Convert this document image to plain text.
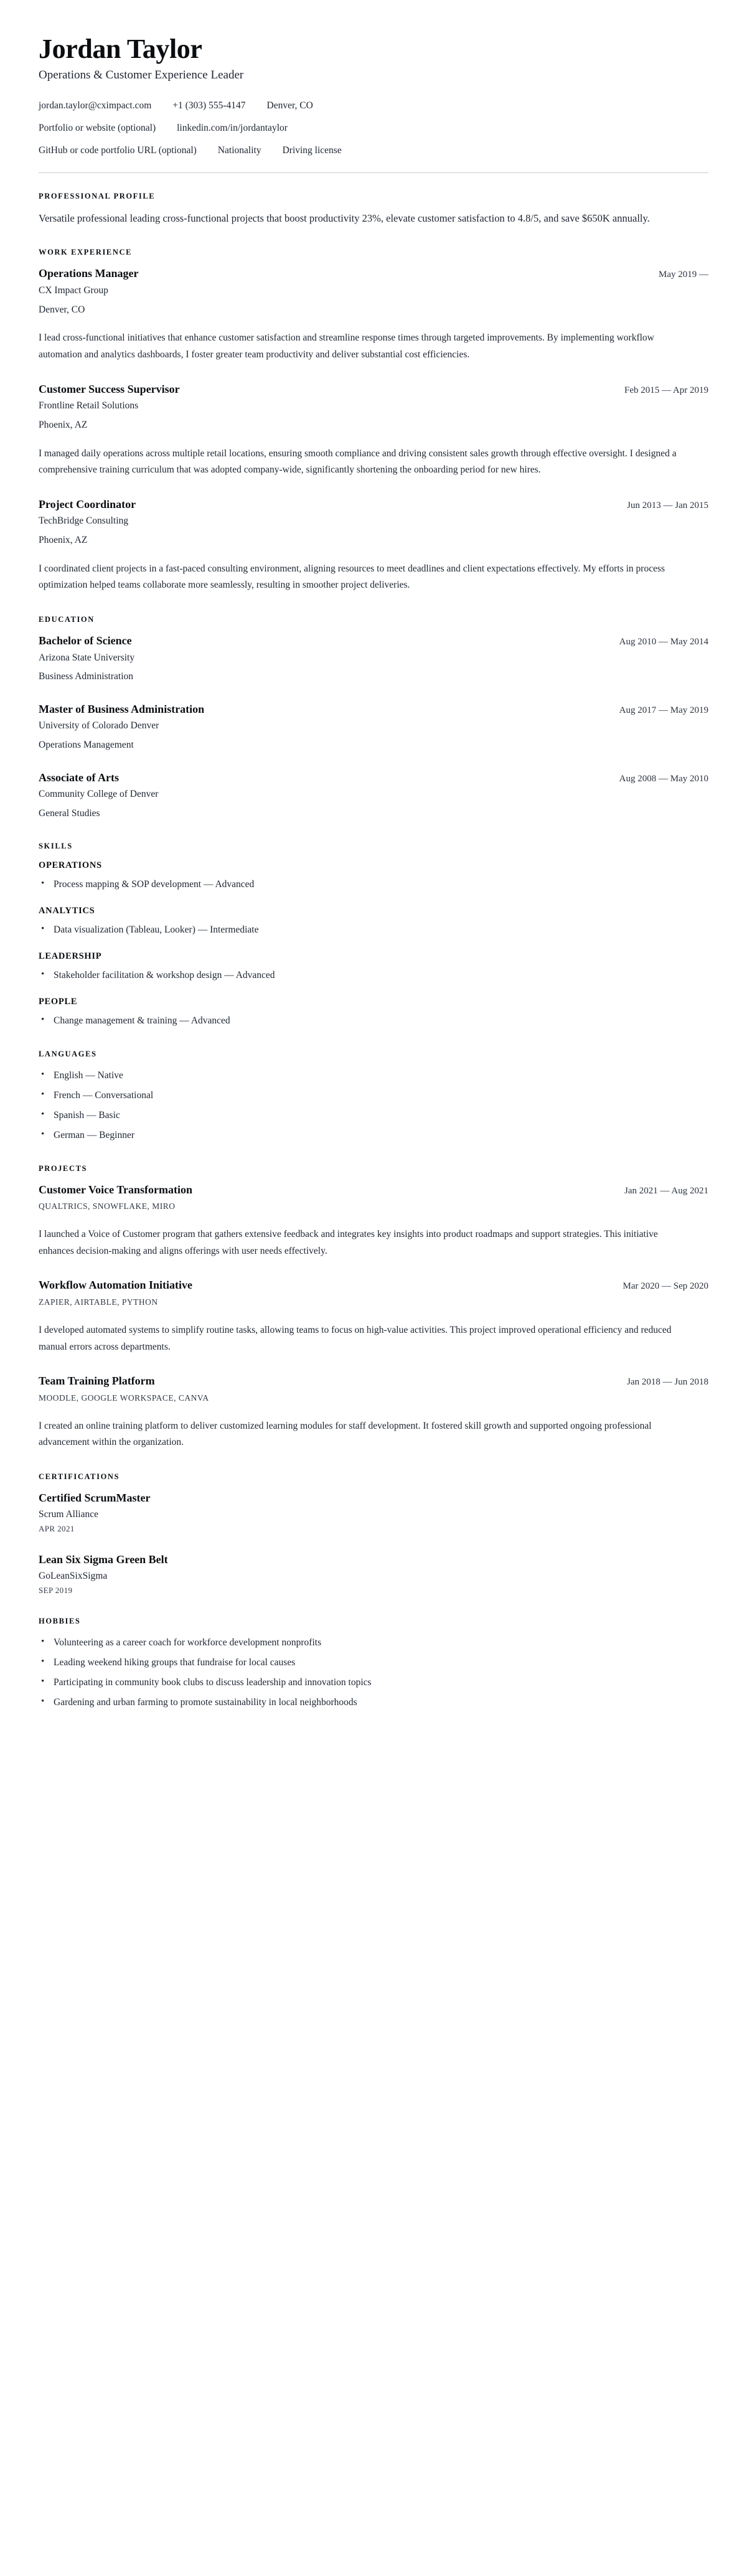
Jordan Taylor

Operations & Customer Experience Leader

jordan.taylor@cximpact.com +1 (303) 555-4147 Denver, CO
Portfolio or website (optional) linkedin.com/in/jordantaylor
GitHub or code portfolio URL (optional) Nationality Driving license
PROFESSIONAL PROFILE

Versatile professional leading cross-functional projects that boost productivity 23%, elevate customer satisfaction to 4.8/5, and save $650K annually.

WORK EXPERIENCE
Operations Manager	May 2019 —

CX Impact Group

Denver, CO

I lead cross-functional initiatives that enhance customer satisfaction and streamline response times through targeted improvements. By implementing workflow automation and analytics dashboards, I foster greater team productivity and deliver substantial cost efficiencies.

Customer Success Supervisor	Feb 2015 — Apr 2019

Frontline Retail Solutions

Phoenix, AZ

I managed daily operations across multiple retail locations, ensuring smooth compliance and driving consistent sales growth through effective oversight. I designed a comprehensive training curriculum that was adopted company-wide, significantly shortening the onboarding period for new hires.

Project Coordinator	Jun 2013 — Jan 2015

TechBridge Consulting

Phoenix, AZ

I coordinated client projects in a fast-paced consulting environment, aligning resources to meet deadlines and client expectations effectively. My efforts in process optimization helped teams collaborate more seamlessly, resulting in smoother project deliveries.

EDUCATION
Bachelor of Science	Aug 2010 — May 2014

Arizona State University

Business Administration

Master of Business Administration	Aug 2017 — May 2019

University of Colorado Denver

Operations Management

Associate of Arts	Aug 2008 — May 2010

Community College of Denver

General Studies

SKILLS
OPERATIONS
• Process mapping & SOP development — Advanced
ANALYTICS
• Data visualization (Tableau, Looker) — Intermediate
LEADERSHIP
• Stakeholder facilitation & workshop design — Advanced
PEOPLE
• Change management & training — Advanced
LANGUAGES
• English — Native
• French — Conversational
• Spanish — Basic
• German — Beginner
PROJECTS
Customer Voice Transformation	Jan 2021 — Aug 2021

QUALTRICS, SNOWFLAKE, MIRO

I launched a Voice of Customer program that gathers extensive feedback and integrates key insights into product roadmaps and support strategies. This initiative enhances decision-making and aligns offerings with user needs effectively.

Workflow Automation Initiative	Mar 2020 — Sep 2020

ZAPIER, AIRTABLE, PYTHON

I developed automated systems to simplify routine tasks, allowing teams to focus on high-value activities. This project improved operational efficiency and reduced manual errors across departments.

Team Training Platform	Jan 2018 — Jun 2018

MOODLE, GOOGLE WORKSPACE, CANVA

I created an online training platform to deliver customized learning modules for staff development. It fostered skill growth and supported ongoing professional advancement within the organization.

CERTIFICATIONS
Certified ScrumMaster

Scrum Alliance

APR 2021

Lean Six Sigma Green Belt

GoLeanSixSigma

SEP 2019

HOBBIES
• Volunteering as a career coach for workforce development nonprofits
• Leading weekend hiking groups that fundraise for local causes
• Participating in community book clubs to discuss leadership and innovation topics
• Gardening and urban farming to promote sustainability in local neighborhoods
